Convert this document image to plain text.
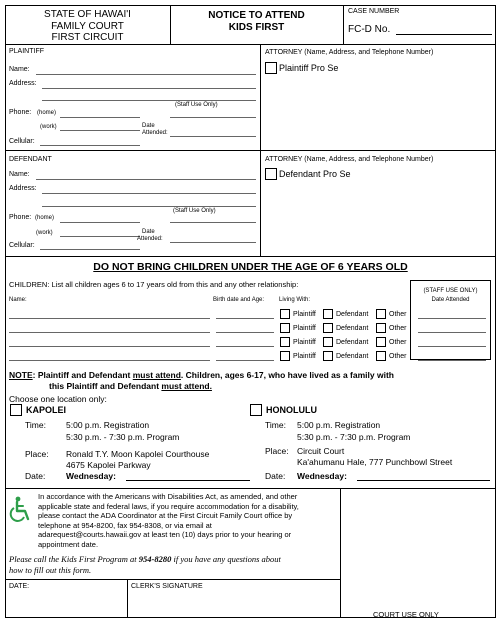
STATE OF HAWAI'I
FAMILY COURT
FIRST CIRCUIT
NOTICE TO ATTEND
KIDS FIRST
CASE NUMBER
FC-D No.
PLAINTIFF
Name:
Address:
(Staff Use Only)
Phone: (home)
(work)	Date
Attended:
Cellular:
ATTORNEY (Name, Address, and Telephone Number)
Plaintiff Pro Se
DEFENDANT
Name:
Address:
(Staff Use Only)
Phone: (home)
(work)	Date
Attended:
Cellular:
ATTORNEY (Name, Address, and Telephone Number)
Defendant Pro Se
DO NOT BRING CHILDREN UNDER THE AGE OF 6 YEARS OLD
CHILDREN: List all children ages 6 to 17 years old from this and any other relationship:
(STAFF USE ONLY)
Date Attended
Name:	Birth date and Age: Living With:
Plaintiff	Defendant	Other
Plaintiff	Defendant	Other
Plaintiff	Defendant	Other
Plaintiff	Defendant	Other
NOTE: Plaintiff and Defendant must attend. Children, ages 6-17, who have lived as a family with
this Plaintiff and Defendant must attend.
Choose one location only:
KAPOLEI
Time: 5:00 p.m. Registration
5:30 p.m. - 7:30 p.m. Program
Place: Ronald T.Y. Moon Kapolei Courthouse
4675 Kapolei Parkway
Date: Wednesday:
HONOLULU
Time: 5:00 p.m. Registration
5:30 p.m. - 7:30 p.m. Program
Place: Circuit Court
Ka'ahumanu Hale, 777 Punchbowl Street
Date: Wednesday:
In accordance with the Americans with Disabilities Act, as amended, and other
applicable state and federal laws, if you require accommodation for a disability,
please contact the ADA Coordinator at the First Circuit Family Court office by
telephone at 954-8200, fax 954-8308, or via email at
adarequest@courts.hawaii.gov at least ten (10) days prior to your hearing or
appointment date.
Please call the Kids First Program at 954-8280 if you have any questions about
how to fill out this form.
DATE:	CLERK'S SIGNATURE
COURT USE ONLY
